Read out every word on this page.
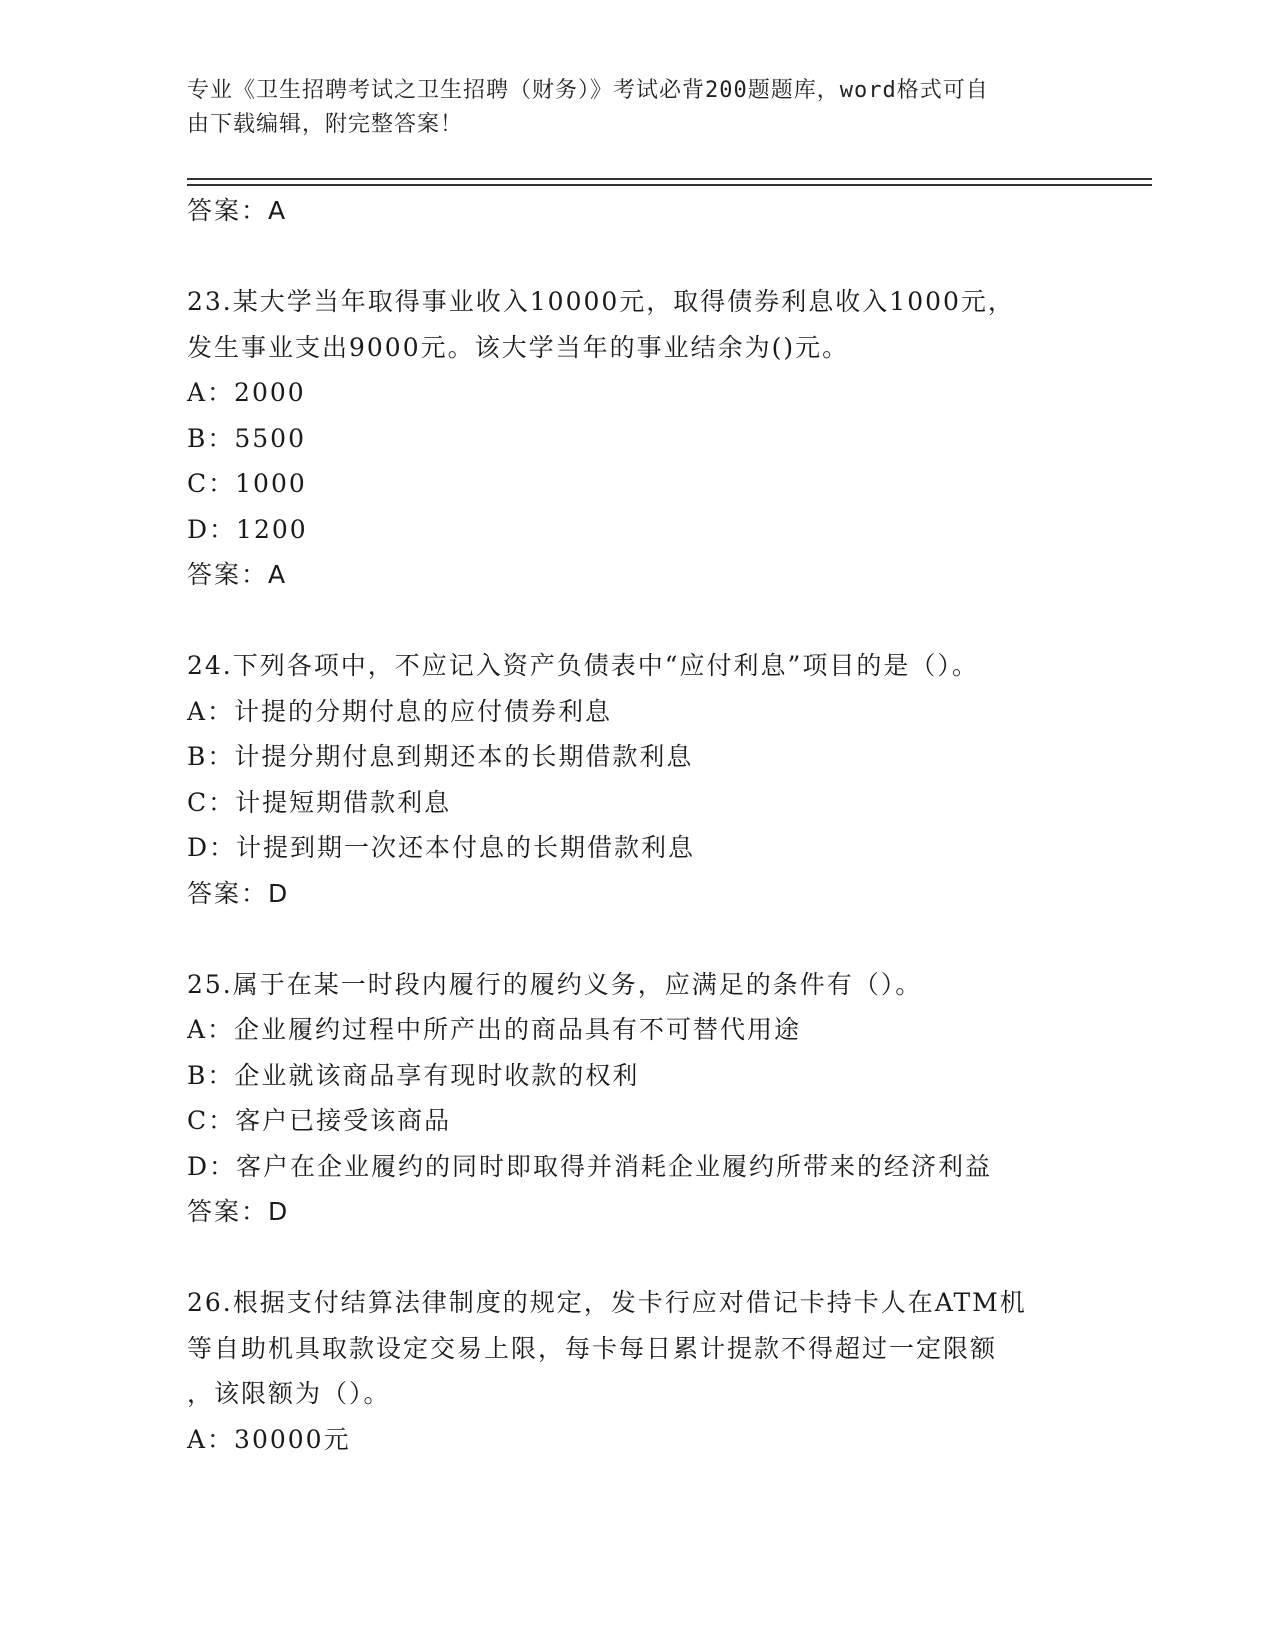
专业《卫生招聘考试之卫生招聘（财务）》考试必背200题题库，word格式可自
由下载编辑，附完整答案！
答案：A
23.某大学当年取得事业收入10000元，取得债券利息收入1000元，
发生事业支出9000元。该大学当年的事业结余为()元。
A：2000
B：5500
C：1000
D：1200
答案：A
24.下列各项中，不应记入资产负债表中“应付利息”项目的是（）。
A：计提的分期付息的应付债券利息
B：计提分期付息到期还本的长期借款利息
C：计提短期借款利息
D：计提到期一次还本付息的长期借款利息
答案：D
25.属于在某一时段内履行的履约义务，应满足的条件有（）。
A：企业履约过程中所产出的商品具有不可替代用途
B：企业就该商品享有现时收款的权利
C：客户已接受该商品
D：客户在企业履约的同时即取得并消耗企业履约所带来的经济利益
答案：D
26.根据支付结算法律制度的规定，发卡行应对借记卡持卡人在ATM机
等自助机具取款设定交易上限，每卡每日累计提款不得超过一定限额
，该限额为（）。
A：30000元
